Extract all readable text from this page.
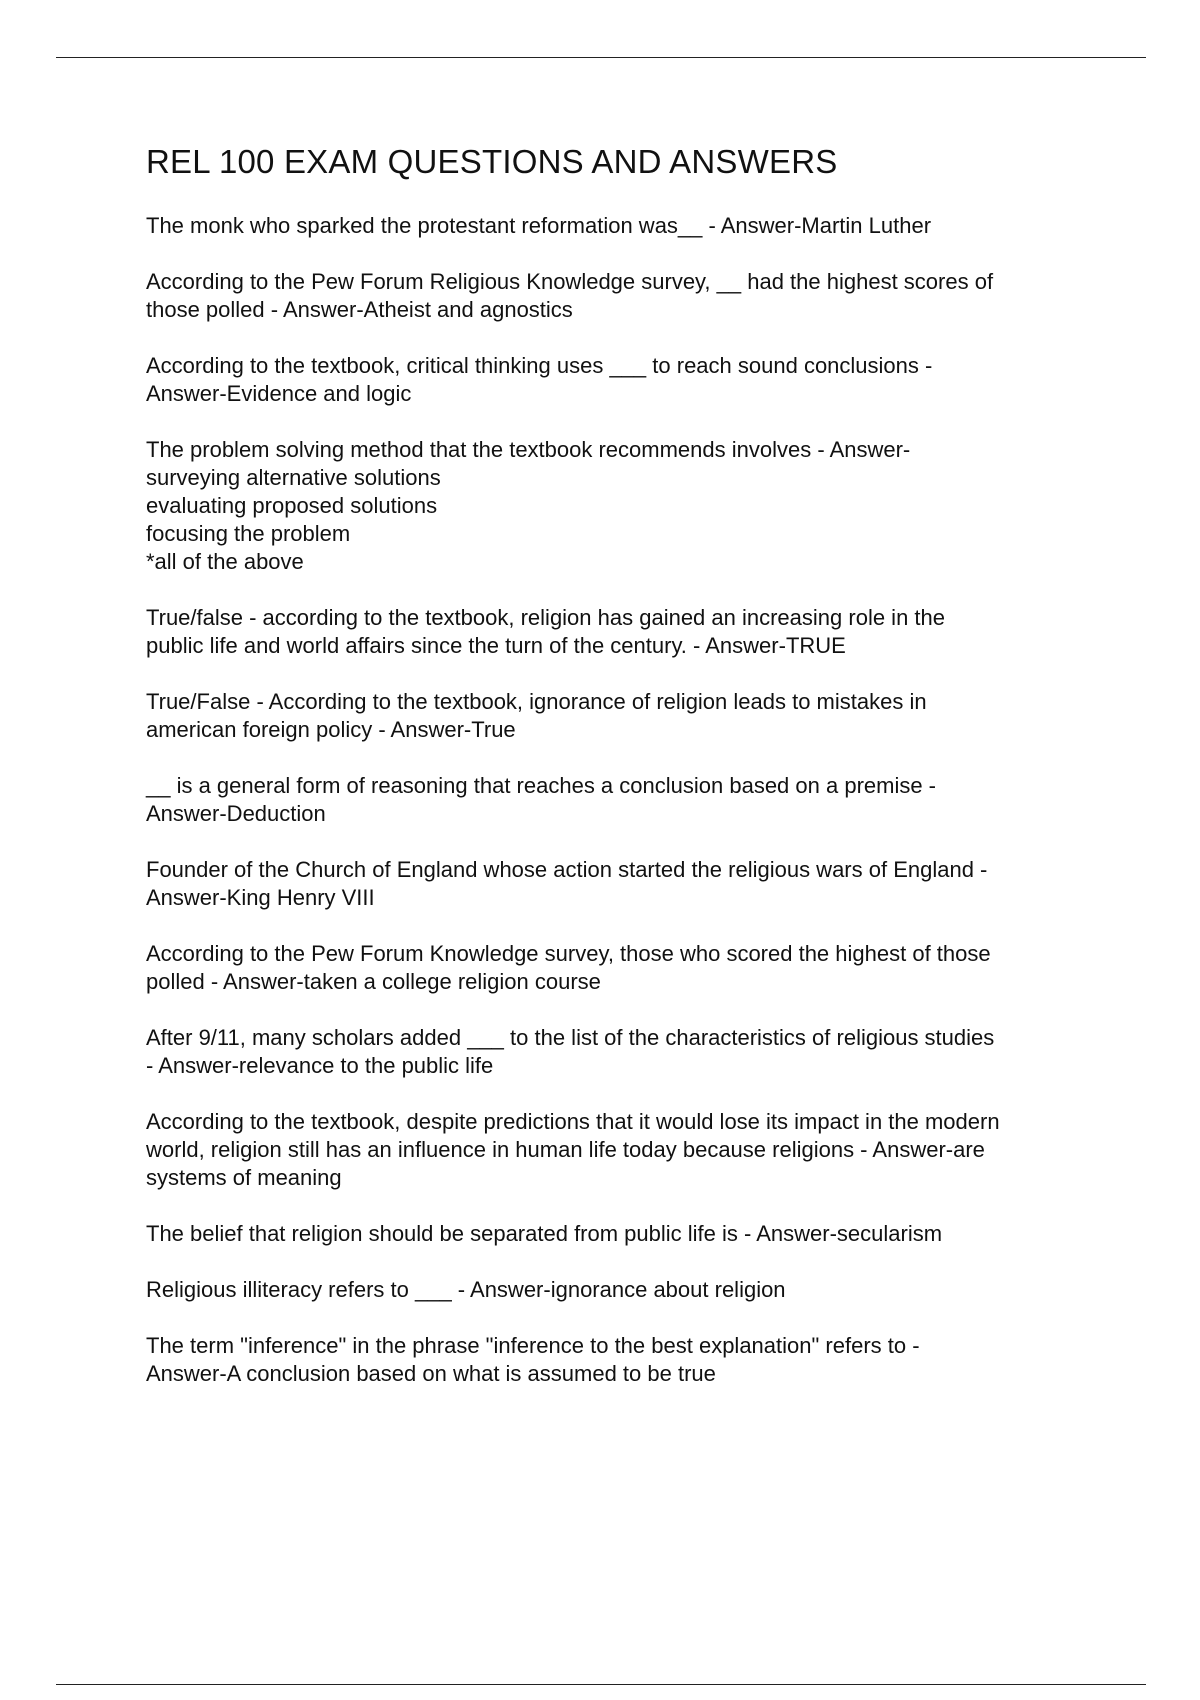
REL 100 EXAM QUESTIONS AND ANSWERS

The monk who sparked the protestant reformation was__ - Answer-Martin Luther

According to the Pew Forum Religious Knowledge survey, __ had the highest scores of
those polled - Answer-Atheist and agnostics

According to the textbook, critical thinking uses ___ to reach sound conclusions -
Answer-Evidence and logic

The problem solving method that the textbook recommends involves - Answer-
surveying alternative solutions
evaluating proposed solutions
focusing the problem
*all of the above

True/false - according to the textbook, religion has gained an increasing role in the
public life and world affairs since the turn of the century. - Answer-TRUE

True/False - According to the textbook, ignorance of religion leads to mistakes in
american foreign policy - Answer-True

__ is a general form of reasoning that reaches a conclusion based on a premise -
Answer-Deduction

Founder of the Church of England whose action started the religious wars of England -
Answer-King Henry VIII

According to the Pew Forum Knowledge survey, those who scored the highest of those
polled - Answer-taken a college religion course

After 9/11, many scholars added ___ to the list of the characteristics of religious studies
- Answer-relevance to the public life

According to the textbook, despite predictions that it would lose its impact in the modern
world, religion still has an influence in human life today because religions - Answer-are
systems of meaning

The belief that religion should be separated from public life is - Answer-secularism

Religious illiteracy refers to ___ - Answer-ignorance about religion

The term "inference" in the phrase "inference to the best explanation" refers to -
Answer-A conclusion based on what is assumed to be true
